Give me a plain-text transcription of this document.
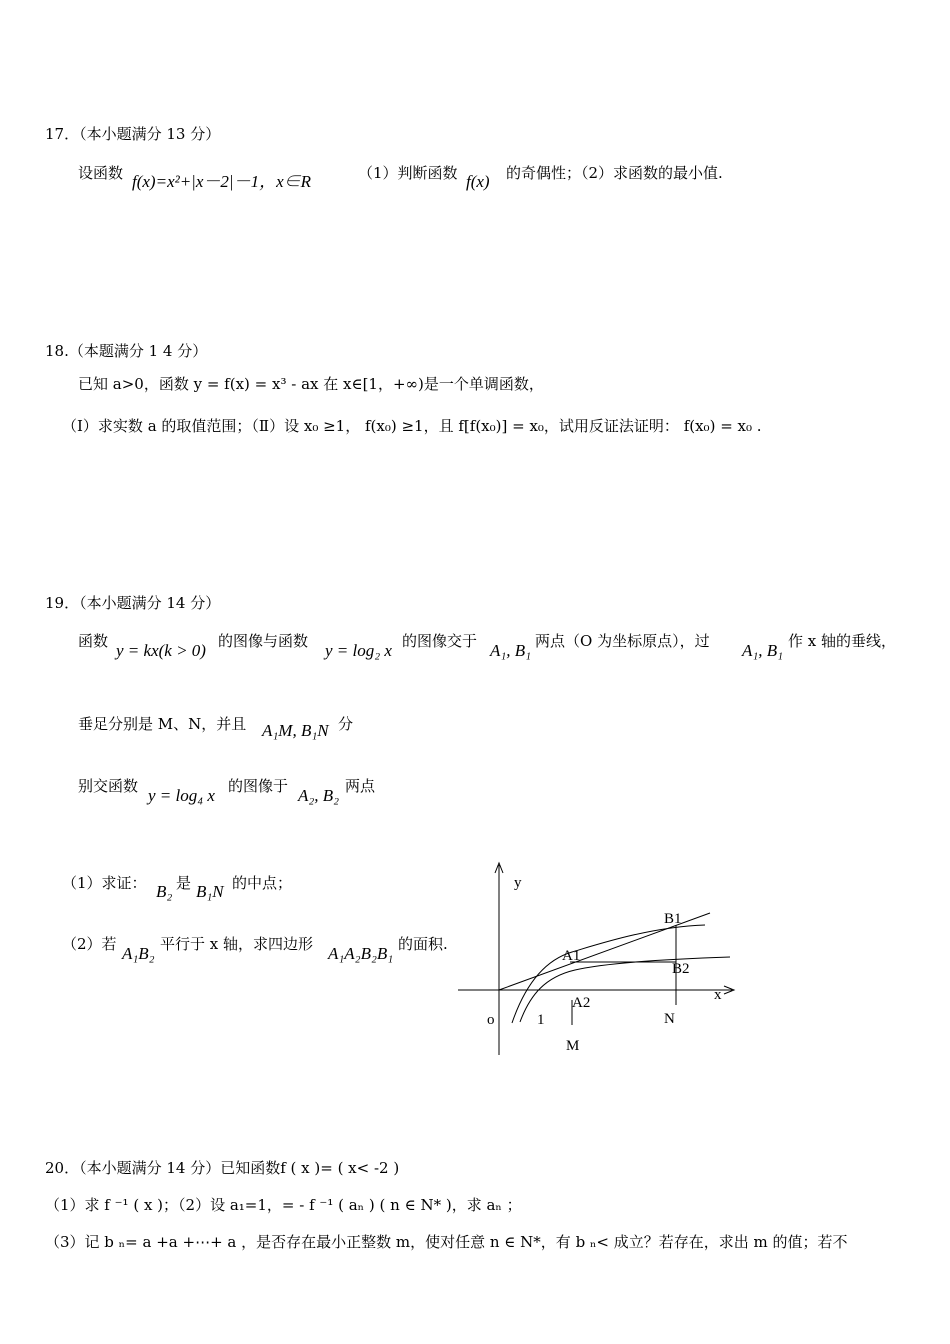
17．（本小题满分 13 分）
设函数 f(x)=x²+|x－2|－1，x∈R	（1）判断函数 f(x) 的奇偶性；（2）求函数的最小值.
18.（本题满分 1 4 分）
已知 a>0，函数 y = f(x) = x³ - ax 在 x∈[1，+∞)是一个单调函数，
（Ⅰ）求实数 a 的取值范围；（Ⅱ）设 x₀ ≥1， f(x₀) ≥1，且 f[f(x₀)] = x₀，试用反证法证明： f(x₀) = x₀ .
19．（本小题满分 14 分）
函数 y = kx(k > 0) 的图像与函数 y = log₂ x 的图像交于 A₁, B₁ 两点（O 为坐标原点），过 A₁, B₁ 作 x 轴的垂线，
垂足分别是 M、N，并且 A₁M, B₁N 分
别交函数 y = log₄ x 的图像于 A₂, B₂ 两点
（1）求证： B₂ 是 B₁N 的中点；
（2）若 A₁B₂ 平行于 x 轴，求四边形 A₁A₂B₂B₁ 的面积.
y
x
o	1
A1
B1
A2
B2
M
N
20．（本小题满分 14 分）已知函数f ( x )= ( x< -2 )
（1）求 f ⁻¹ ( x )；（2）设 a₁=1，= - f ⁻¹ ( aₙ ) ( n ∈ N* )，求 aₙ ；
（3）记 b ₙ= a +a +⋯+ a ，是否存在最小正整数 m，使对任意 n ∈ N*，有 b ₙ< 成立？若存在，求出 m 的值；若不
